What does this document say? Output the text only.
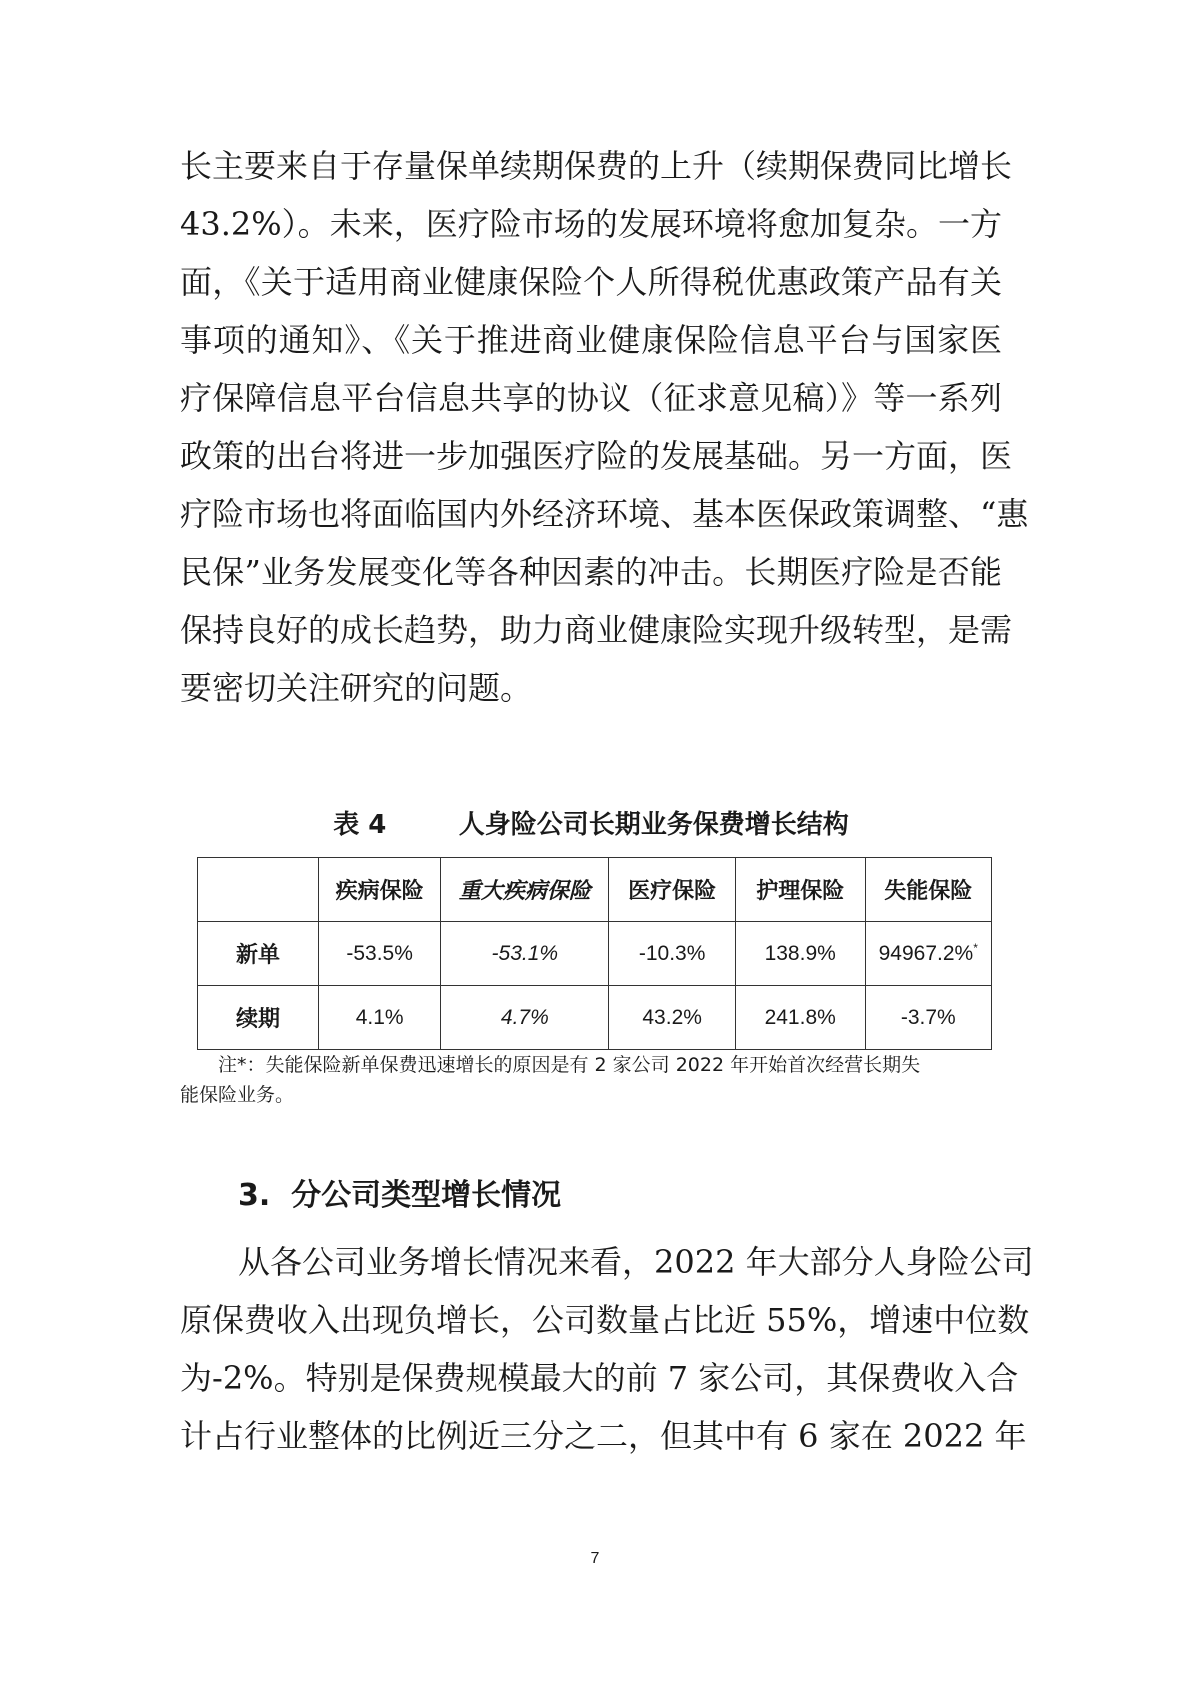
长主要来自于存量保单续期保费的上升（续期保费同比增长
43.2%）。未来，医疗险市场的发展环境将愈加复杂。一方
面，《关于适用商业健康保险个人所得税优惠政策产品有关
事项的通知》、《关于推进商业健康保险信息平台与国家医
疗保障信息平台信息共享的协议（征求意见稿）》等一系列
政策的出台将进一步加强医疗险的发展基础。另一方面，医
疗险市场也将面临国内外经济环境、基本医保政策调整、“惠
民保”业务发展变化等各种因素的冲击。长期医疗险是否能
保持良好的成长趋势，助力商业健康险实现升级转型，是需
要密切关注研究的问题。
表 4	人身险公司长期业务保费增长结构
	疾病保险	重大疾病保险	医疗保险	护理保险	失能保险
新单	-53.5%	-53.1%	-10.3%	138.9%	94967.2%*
续期	4.1%	4.7%	43.2%	241.8%	-3.7%
注*：失能保险新单保费迅速增长的原因是有 2 家公司 2022 年开始首次经营长期失
能保险业务。
3. 分公司类型增长情况
从各公司业务增长情况来看，2022 年大部分人身险公司
原保费收入出现负增长，公司数量占比近 55%，增速中位数
为-2%。特别是保费规模最大的前 7 家公司，其保费收入合
计占行业整体的比例近三分之二，但其中有 6 家在 2022 年
7
